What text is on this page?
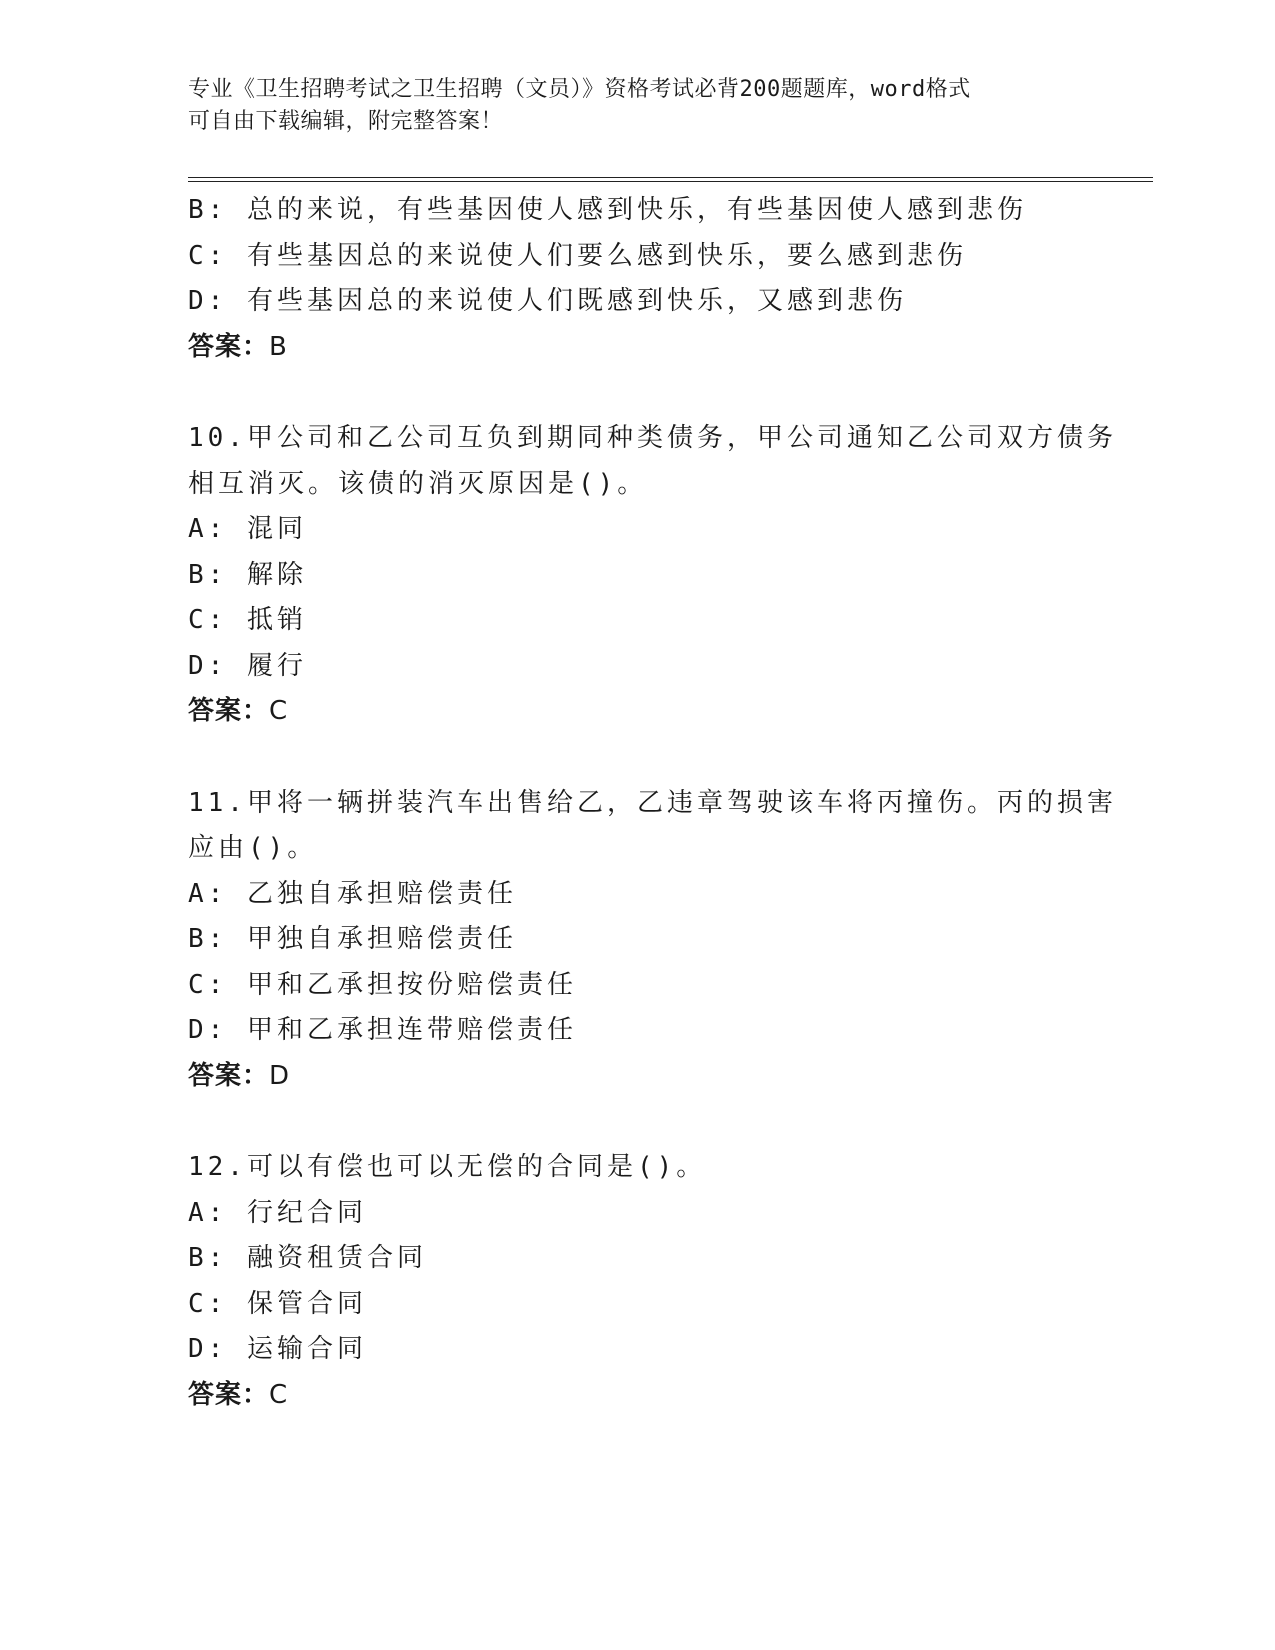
专业《卫生招聘考试之卫生招聘（文员）》资格考试必背200题题库，word格式
可自由下载编辑，附完整答案！
B: 总的来说，有些基因使人感到快乐，有些基因使人感到悲伤
C: 有些基因总的来说使人们要么感到快乐，要么感到悲伤
D: 有些基因总的来说使人们既感到快乐，又感到悲伤
答案：B
10.甲公司和乙公司互负到期同种类债务，甲公司通知乙公司双方债务
相互消灭。该债的消灭原因是()。
A: 混同
B: 解除
C: 抵销
D: 履行
答案：C
11.甲将一辆拼装汽车出售给乙，乙违章驾驶该车将丙撞伤。丙的损害
应由()。
A: 乙独自承担赔偿责任
B: 甲独自承担赔偿责任
C: 甲和乙承担按份赔偿责任
D: 甲和乙承担连带赔偿责任
答案：D
12.可以有偿也可以无偿的合同是()。
A: 行纪合同
B: 融资租赁合同
C: 保管合同
D: 运输合同
答案：C
